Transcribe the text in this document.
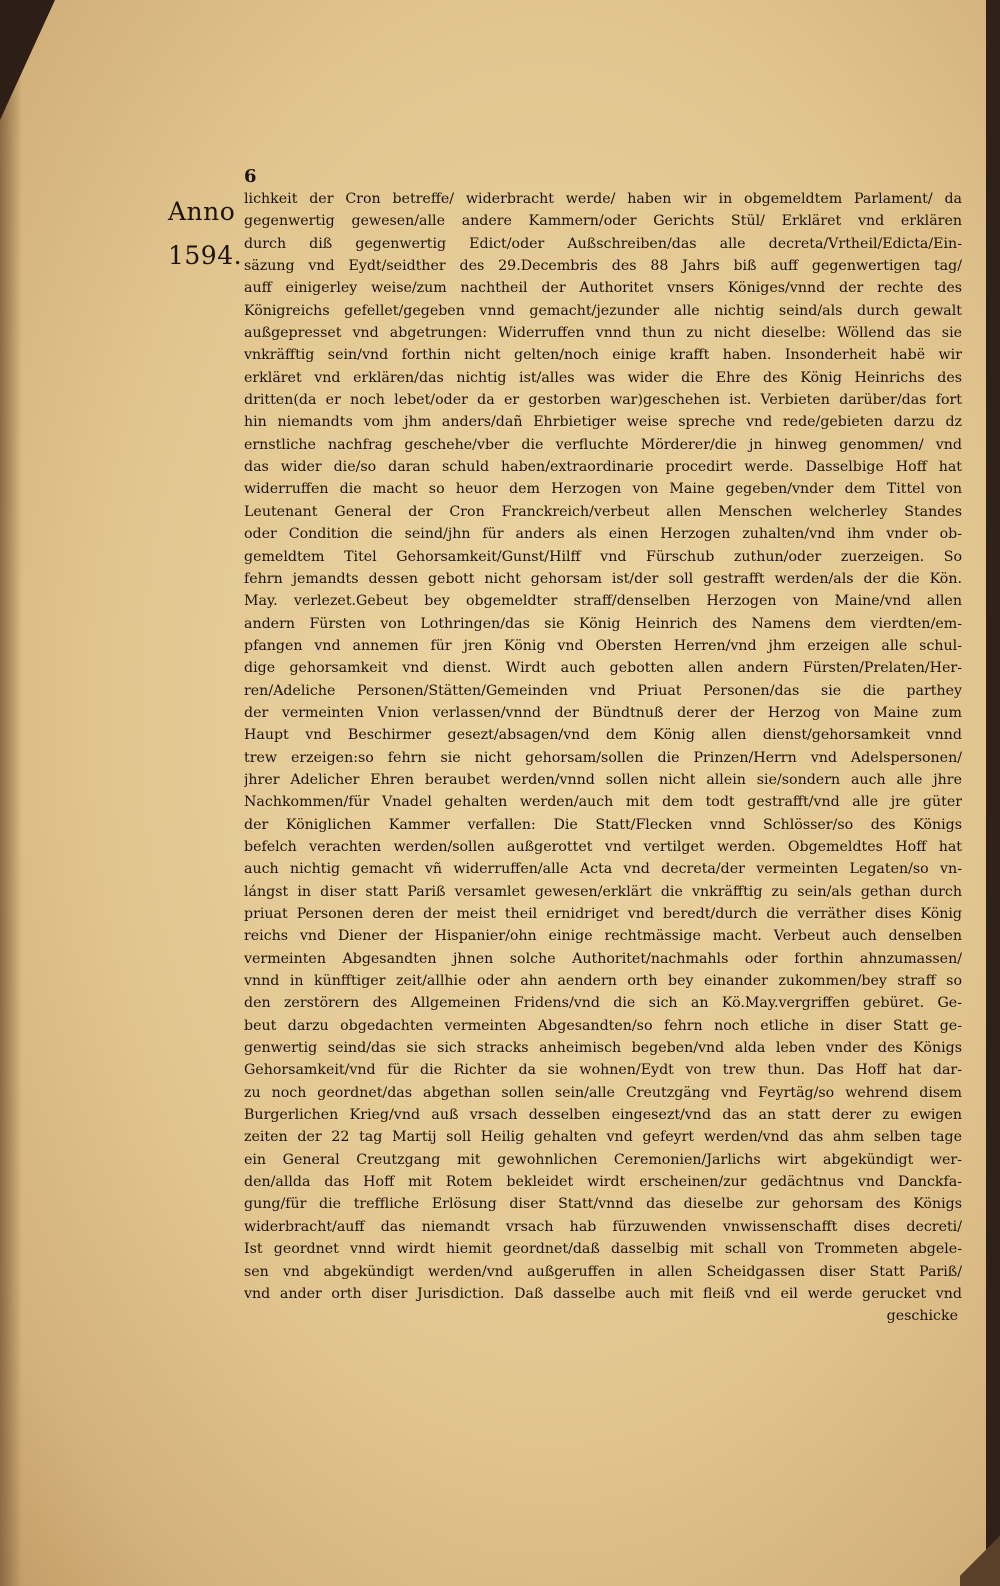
6
Anno
1594.
lichkeit der Cron betreffe/ widerbracht werde/ haben wir in obgemeldtem Parlament/ da
gegenwertig gewesen/alle andere Kammern/oder Gerichts Stül/ Erkläret vnd erklären
durch diß gegenwertig Edict/oder Außschreiben/das alle decreta/Vrtheil/Edicta/Ein-
säzung vnd Eydt/seidther des 29.Decembris des 88 Jahrs biß auff gegenwertigen tag/
auff einigerley weise/zum nachtheil der Authoritet vnsers Königes/vnnd der rechte des
Königreichs gefellet/gegeben vnnd gemacht/jezunder alle nichtig seind/als durch gewalt
außgepresset vnd abgetrungen: Widerruffen vnnd thun zu nicht dieselbe: Wöllend das sie
vnkräfftig sein/vnd forthin nicht gelten/noch einige krafft haben. Insonderheit habë wir
erkläret vnd erklären/das nichtig ist/alles was wider die Ehre des König Heinrichs des
dritten(da er noch lebet/oder da er gestorben war)geschehen ist. Verbieten darüber/das fort
hin niemandts vom jhm anders/dañ Ehrbietiger weise spreche vnd rede/gebieten darzu dz
ernstliche nachfrag geschehe/vber die verfluchte Mörderer/die jn hinweg genommen/ vnd
das wider die/so daran schuld haben/extraordinarie procedirt werde. Dasselbige Hoff hat
widerruffen die macht so heuor dem Herzogen von Maine gegeben/vnder dem Tittel von
Leutenant General der Cron Franckreich/verbeut allen Menschen welcherley Standes
oder Condition die seind/jhn für anders als einen Herzogen zuhalten/vnd ihm vnder ob-
gemeldtem Titel Gehorsamkeit/Gunst/Hilff vnd Fürschub zuthun/oder zuerzeigen. So
fehrn jemandts dessen gebott nicht gehorsam ist/der soll gestrafft werden/als der die Kön.
May. verlezet.Gebeut bey obgemeldter straff/denselben Herzogen von Maine/vnd allen
andern Fürsten von Lothringen/das sie König Heinrich des Namens dem vierdten/em-
pfangen vnd annemen für jren König vnd Obersten Herren/vnd jhm erzeigen alle schul-
dige gehorsamkeit vnd dienst. Wirdt auch gebotten allen andern Fürsten/Prelaten/Her-
ren/Adeliche Personen/Stätten/Gemeinden vnd Priuat Personen/das sie die parthey
der vermeinten Vnion verlassen/vnnd der Bündtnuß derer der Herzog von Maine zum
Haupt vnd Beschirmer gesezt/absagen/vnd dem König allen dienst/gehorsamkeit vnnd
trew erzeigen:so fehrn sie nicht gehorsam/sollen die Prinzen/Herrn vnd Adelspersonen/
jhrer Adelicher Ehren beraubet werden/vnnd sollen nicht allein sie/sondern auch alle jhre
Nachkommen/für Vnadel gehalten werden/auch mit dem todt gestrafft/vnd alle jre güter
der Königlichen Kammer verfallen: Die Statt/Flecken vnnd Schlösser/so des Königs
befelch verachten werden/sollen außgerottet vnd vertilget werden. Obgemeldtes Hoff hat
auch nichtig gemacht vñ widerruffen/alle Acta vnd decreta/der vermeinten Legaten/so vn-
lángst in diser statt Pariß versamlet gewesen/erklärt die vnkräfftig zu sein/als gethan durch
priuat Personen deren der meist theil ernidriget vnd beredt/durch die verräther dises König
reichs vnd Diener der Hispanier/ohn einige rechtmässige macht. Verbeut auch denselben
vermeinten Abgesandten jhnen solche Authoritet/nachmahls oder forthin ahnzumassen/
vnnd in künfftiger zeit/allhie oder ahn aendern orth bey einander zukommen/bey straff so
den zerstörern des Allgemeinen Fridens/vnd die sich an Kö.May.vergriffen gebüret. Ge-
beut darzu obgedachten vermeinten Abgesandten/so fehrn noch etliche in diser Statt ge-
genwertig seind/das sie sich stracks anheimisch begeben/vnd alda leben vnder des Königs
Gehorsamkeit/vnd für die Richter da sie wohnen/Eydt von trew thun. Das Hoff hat dar-
zu noch geordnet/das abgethan sollen sein/alle Creutzgäng vnd Feyrtäg/so wehrend disem
Burgerlichen Krieg/vnd auß vrsach desselben eingesezt/vnd das an statt derer zu ewigen
zeiten der 22 tag Martij soll Heilig gehalten vnd gefeyrt werden/vnd das ahm selben tage
ein General Creutzgang mit gewohnlichen Ceremonien/Jarlichs wirt abgekündigt wer-
den/allda das Hoff mit Rotem bekleidet wirdt erscheinen/zur gedächtnus vnd Danckfa-
gung/für die treffliche Erlösung diser Statt/vnnd das dieselbe zur gehorsam des Königs
widerbracht/auff das niemandt vrsach hab fürzuwenden vnwissenschafft dises decreti/
Ist geordnet vnnd wirdt hiemit geordnet/daß dasselbig mit schall von Trommeten abgele-
sen vnd abgekündigt werden/vnd außgeruffen in allen Scheidgassen diser Statt Pariß/
vnd ander orth diser Jurisdiction. Daß dasselbe auch mit fleiß vnd eil werde gerucket vnd
geschicke
